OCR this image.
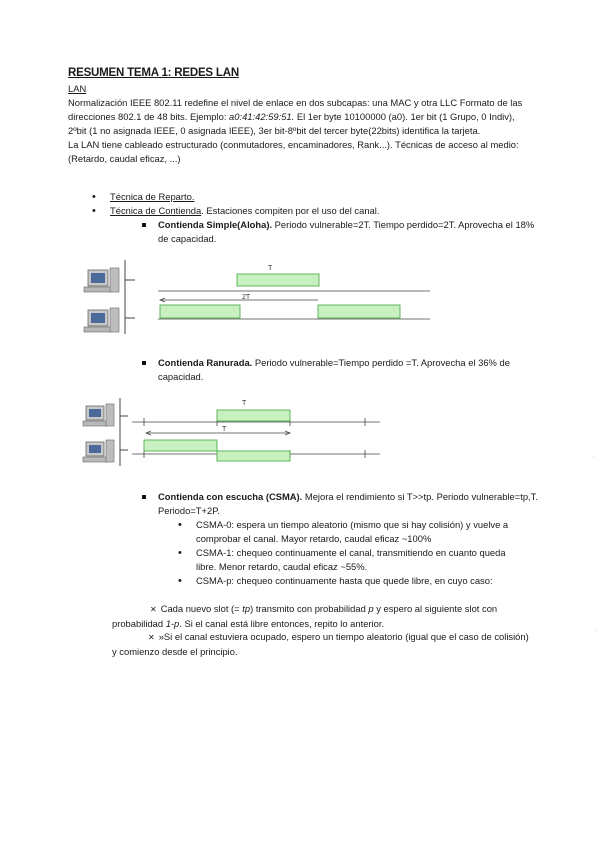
RESUMEN TEMA 1: REDES LAN
LAN

Normalización IEEE 802.11 redefine el nivel de enlace en dos subcapas: una MAC y otra LLC Formato de las direcciones 802.1 de 48 bits. Ejemplo: a0:41:42:59:51. El 1er byte 10100000 (a0). 1er bit (1 Grupo, 0 Indiv), 2ºbit (1 no asignada IEEE, 0 asignada IEEE), 3er bit-8ºbit del tercer byte(22bits) identifica la tarjeta.

La LAN tiene cableado estructurado (conmutadores, encaminadores, Rank...). Técnicas de acceso al medio: (Retardo, caudal eficaz, ...)

• Técnica de Reparto.
• Técnica de Contienda. Estaciones compiten por el uso del canal.
Contienda Simple(Aloha). Periodo vulnerable=2T. Tiempo perdido=2T. Aprovecha el 18% de capacidad.
T
2T
Contienda Ranurada. Periodo vulnerable=Tiempo perdido =T. Aprovecha el 36% de capacidad.
T
T
Contienda con escucha (CSMA). Mejora el rendimiento si T>>tp. Periodo vulnerable=tp,T. Periodo=T+2P.
• CSMA-0: espera un tiempo aleatorio (mismo que si hay colisión) y vuelve a comprobar el canal. Mayor retardo, caudal eficaz ~100%
• CSMA-1: chequeo continuamente el canal, transmitiendo en cuanto queda libre. Menor retardo, caudal eficaz ~55%.
• CSMA-p: chequeo continuamente hasta que quede libre, en cuyo caso:
✕ Cada nuevo slot (= tp) transmito con probabilidad p y espero al siguiente slot con probabilidad 1-p. Si el canal está libre entonces, repito lo anterior.
✕ »Si el canal estuviera ocupado, espero un tiempo aleatorio (igual que el caso de colisión) y comienzo desde el principio.
·
·
